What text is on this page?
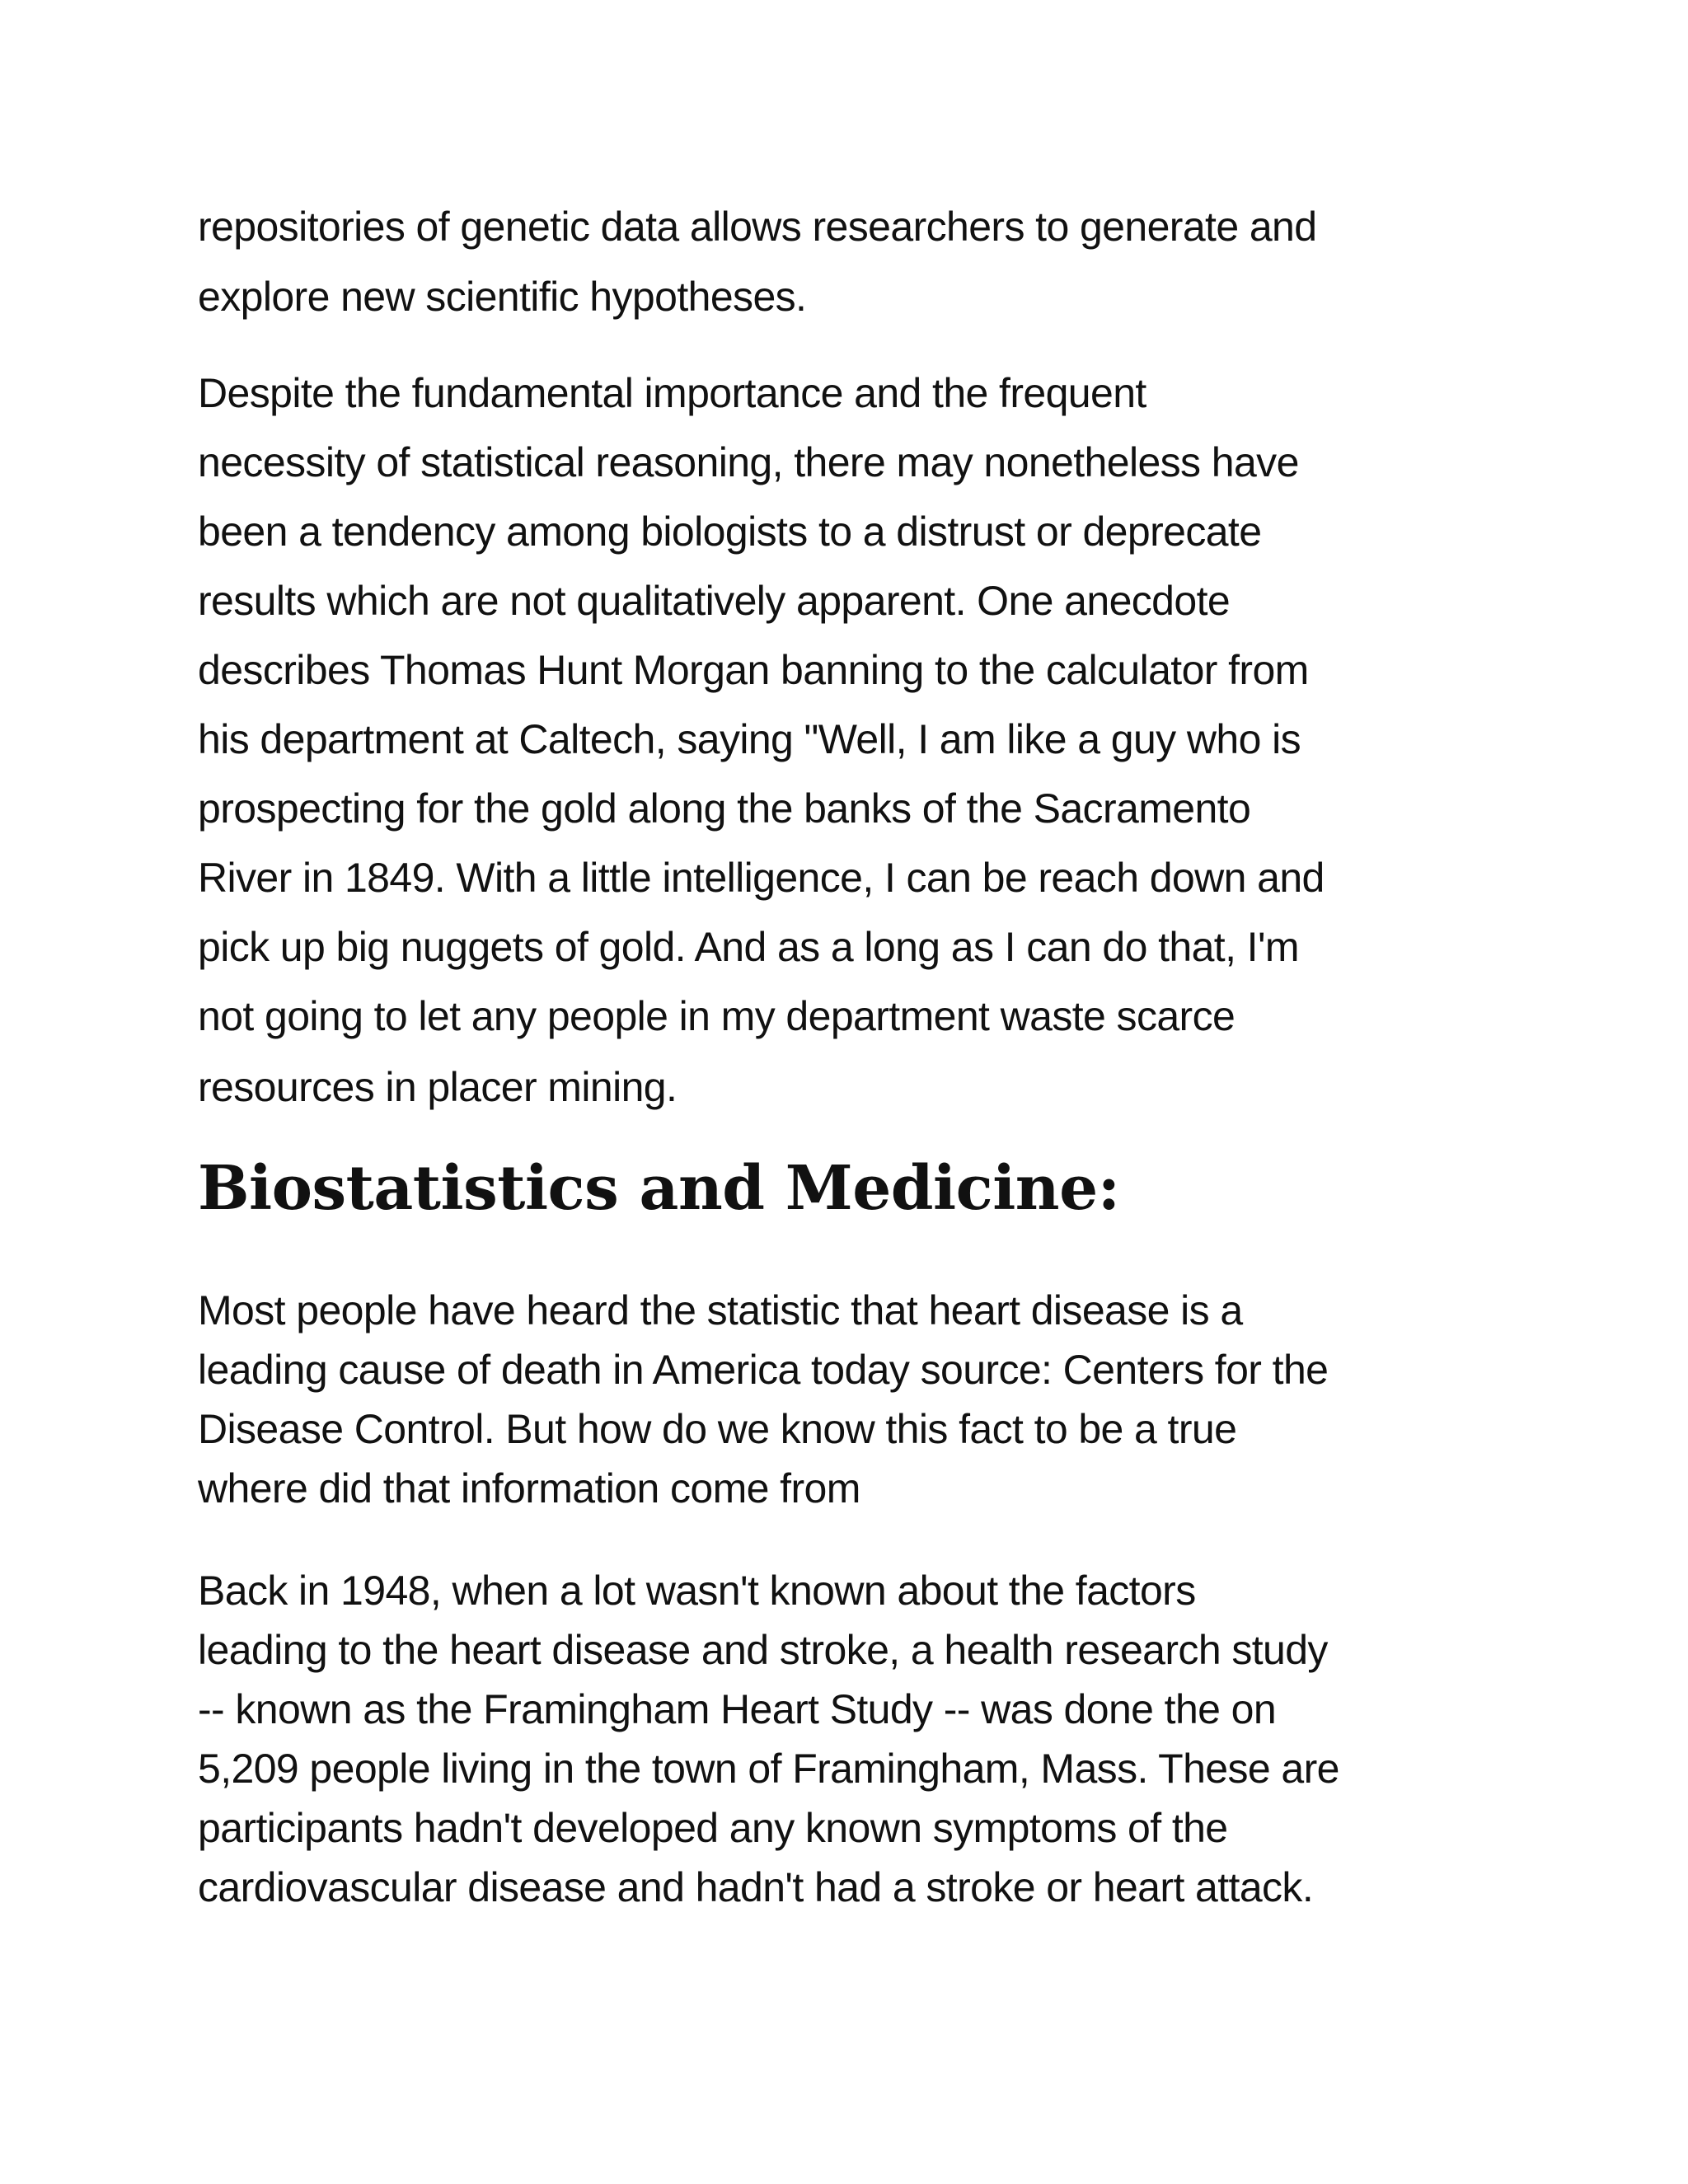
repositories of genetic data allows researchers to generate and

explore new scientific hypotheses.

Despite the fundamental importance and the frequent

necessity of statistical reasoning, there may nonetheless have

been a tendency among biologists to a distrust or deprecate

results which are not qualitatively apparent. One anecdote

describes Thomas Hunt Morgan banning to the calculator from

his department at Caltech, saying "Well, I am like a guy who is

prospecting for the gold along the banks of the Sacramento

River in 1849. With a little intelligence, I can be reach down and

pick up big nuggets of gold. And as a long as I can do that, I'm

not going to let any people in my department waste scarce

resources in placer mining.

Biostatistics and Medicine:

Most people have heard the statistic that heart disease is a

leading cause of death in America today source: Centers for the

Disease Control. But how do we know this fact to be a true

where did that information come from

Back in 1948, when a lot wasn't known about the factors

leading to the heart disease and stroke, a health research study

-- known as the Framingham Heart Study -- was done the on

5,209 people living in the town of Framingham, Mass. These are

participants hadn't developed any known symptoms of the

cardiovascular disease and hadn't had a stroke or heart attack.
